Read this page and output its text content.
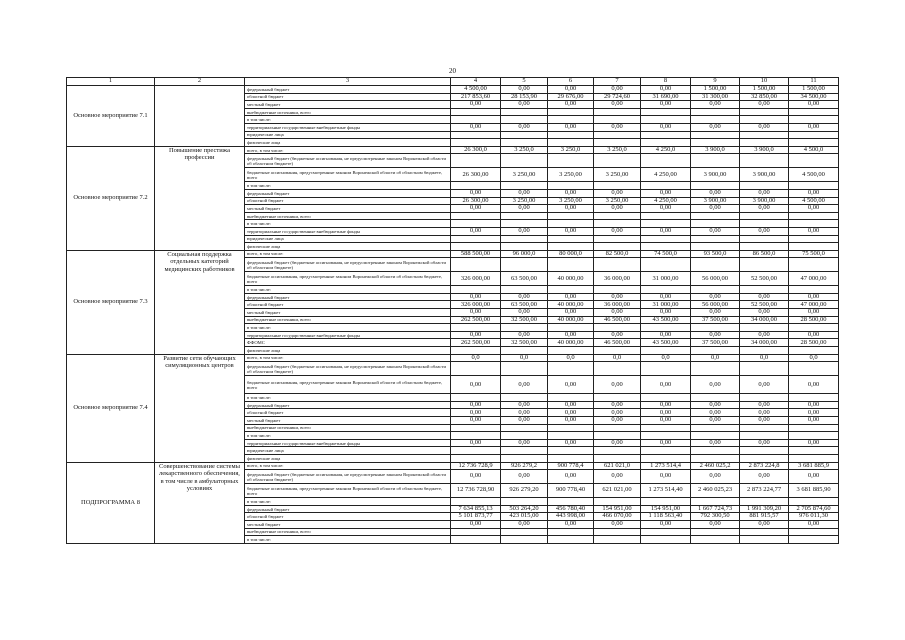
20
1	2	3	4	5	6	7	8	9	10	11
Основное мероприятие 7.1		федеральный бюджет	4 500,00	0,00	0,00	0,00	0,00	1 500,00	1 500,00	1 500,00
		областной бюджет	217 853,60	28 153,90	29 676,00	29 724,60	31 690,00	31 300,00	32 850,00	34 500,00
		местный бюджет	0,00	0,00	0,00	0,00	0,00	0,00	0,00	0,00
		внебюджетные источники, всего								
		в том числе:								
		территориальные государственные внебюджетные фонды	0,00	0,00	0,00	0,00	0,00	0,00	0,00	0,00
		юридические лица								
		физические лица								
Основное мероприятие 7.2	Повышение престижа профессии	всего, в том числе:	26 300,0	3 250,0	3 250,0	3 250,0	4 250,0	3 900,0	3 900,0	4 500,0
		федеральный бюджет (бюджетные ассигнования, не предусмотренные законом Воронежской области об областном бюджете)								
		бюджетные ассигнования, предусмотренные законом Воронежской области об областном бюджете, всего	26 300,00	3 250,00	3 250,00	3 250,00	4 250,00	3 900,00	3 900,00	4 500,00
		в том числе:								
		федеральный бюджет	0,00	0,00	0,00	0,00	0,00	0,00	0,00	0,00
		областной бюджет	26 300,00	3 250,00	3 250,00	3 250,00	4 250,00	3 900,00	3 900,00	4 500,00
		местный бюджет	0,00	0,00	0,00	0,00	0,00	0,00	0,00	0,00
		внебюджетные источники, всего								
		в том числе:								
		территориальные государственные внебюджетные фонды	0,00	0,00	0,00	0,00	0,00	0,00	0,00	0,00
		юридические лица								
		физические лица								
Основное мероприятие 7.3	Социальная поддержка отдельных категорий медицинских работников	всего, в том числе:	588 500,00	96 000,0	80 000,0	82 500,0	74 500,0	93 500,0	86 500,0	75 500,0
		федеральный бюджет (бюджетные ассигнования, не предусмотренные законом Воронежской области об областном бюджете)								
		бюджетные ассигнования, предусмотренные законом Воронежской области об областном бюджете, всего	326 000,00	63 500,00	40 000,00	36 000,00	31 000,00	56 000,00	52 500,00	47 000,00
		в том числе:								
		федеральный бюджет	0,00	0,00	0,00	0,00	0,00	0,00	0,00	0,00
		областной бюджет	326 000,00	63 500,00	40 000,00	36 000,00	31 000,00	56 000,00	52 500,00	47 000,00
		местный бюджет	0,00	0,00	0,00	0,00	0,00	0,00	0,00	0,00
		внебюджетные источники, всего	262 500,00	32 500,00	40 000,00	46 500,00	43 500,00	37 500,00	34 000,00	28 500,00
		в том числе:								
		территориальные государственные внебюджетные фонды	0,00	0,00	0,00	0,00	0,00	0,00	0,00	0,00
		ФФОМС	262 500,00	32 500,00	40 000,00	46 500,00	43 500,00	37 500,00	34 000,00	28 500,00
		физические лица								
Основное мероприятие 7.4	Развитие сети обучающих симуляционных центров	всего, в том числе:	0,0	0,0	0,0	0,0	0,0	0,0	0,0	0,0
		федеральный бюджет (бюджетные ассигнования, не предусмотренные законом Воронежской области об областном бюджете)								
		бюджетные ассигнования, предусмотренные законом Воронежской области об областном бюджете, всего	0,00	0,00	0,00	0,00	0,00	0,00	0,00	0,00
		в том числе:								
		федеральный бюджет	0,00	0,00	0,00	0,00	0,00	0,00	0,00	0,00
		областной бюджет	0,00	0,00	0,00	0,00	0,00	0,00	0,00	0,00
		местный бюджет	0,00	0,00	0,00	0,00	0,00	0,00	0,00	0,00
		внебюджетные источники, всего								
		в том числе:								
		территориальные государственные внебюджетные фонды	0,00	0,00	0,00	0,00	0,00	0,00	0,00	0,00
		юридические лица								
		физические лица								
ПОДПРОГРАММА 8	Совершенствование системы лекарственного обеспечения, в том числе в амбулаторных условиях	всего, в том числе:	12 736 728,9	926 279,2	900 778,4	621 021,0	1 273 514,4	2 460 025,2	2 873 224,8	3 681 885,9
		федеральный бюджет (бюджетные ассигнования, не предусмотренные законом Воронежской области об областном бюджете)	0,00	0,00	0,00	0,00	0,00	0,00	0,00	0,00
		бюджетные ассигнования, предусмотренные законом Воронежской области об областном бюджете, всего	12 736 728,90	926 279,20	900 778,40	621 021,00	1 273 514,40	2 460 025,23	2 873 224,77	3 681 885,90
		в том числе:								
		федеральный бюджет	7 634 855,13	503 264,20	456 780,40	154 951,00	154 951,00	1 667 724,73	1 991 309,20	2 705 874,60
		областной бюджет	5 101 873,77	423 015,00	443 998,00	466 070,00	1 118 563,40	792 300,50	881 915,57	976 011,30
		местный бюджет	0,00	0,00	0,00	0,00	0,00	0,00	0,00	0,00
		внебюджетные источники, всего								
		в том числе:								
